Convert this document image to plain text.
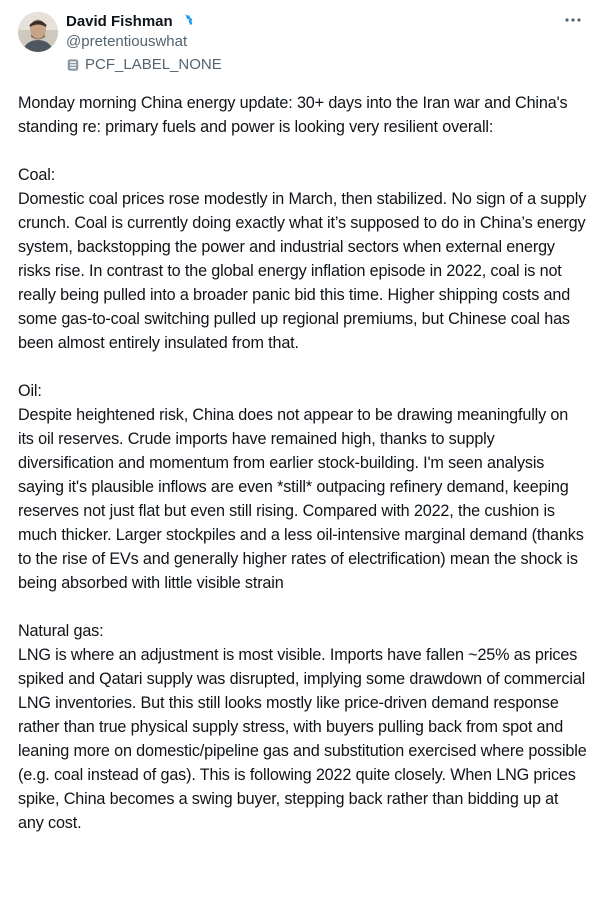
David Fishman
@pretentiouswhat
PCF_LABEL_NONE

Monday morning China energy update: 30+ days into the Iran war and China's standing re: primary fuels and power is looking very resilient overall:

Coal:
Domestic coal prices rose modestly in March, then stabilized. No sign of a supply crunch. Coal is currently doing exactly what it’s supposed to do in China’s energy system, backstopping the power and industrial sectors when external energy risks rise. In contrast to the global energy inflation episode in 2022, coal is not really being pulled into a broader panic bid this time. Higher shipping costs and some gas-to-coal switching pulled up regional premiums, but Chinese coal has been almost entirely insulated from that.

Oil:
Despite heightened risk, China does not appear to be drawing meaningfully on its oil reserves. Crude imports have remained high, thanks to supply diversification and momentum from earlier stock-building. I'm seen analysis saying it's plausible inflows are even *still* outpacing refinery demand, keeping reserves not just flat but even still rising. Compared with 2022, the cushion is much thicker. Larger stockpiles and a less oil-intensive marginal demand (thanks to the rise of EVs and generally higher rates of electrification) mean the shock is being absorbed with little visible strain

Natural gas:
LNG is where an adjustment is most visible. Imports have fallen ~25% as prices spiked and Qatari supply was disrupted, implying some drawdown of commercial LNG inventories. But this still looks mostly like price-driven demand response rather than true physical supply stress, with buyers pulling back from spot and leaning more on domestic/pipeline gas and substitution exercised where possible (e.g. coal instead of gas). This is following 2022 quite closely. When LNG prices spike, China becomes a swing buyer, stepping back rather than bidding up at any cost.
